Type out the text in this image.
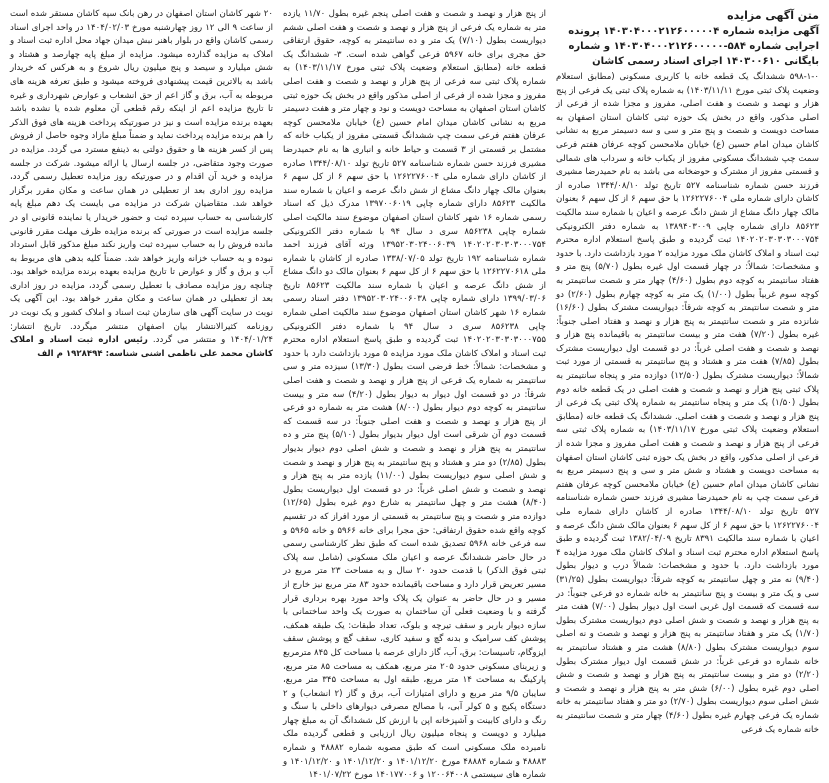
متن آگهی مزایده
آگهی مزایده شماره ۱۴۰۳۰۴۰۰۰۲۱۲۶۰۰۰۰۰۴ پرونده اجرایی شماره ۵۸۴-۱۴۰۳۰۴۰۰۰۲۱۲۶۰۰۰۰۰ و شماره بایگانی ۱۴۰۳۰۰۶۱۰ اجرای اسناد رسمی کاشان

۵۹۸-۱-۰ ششدانگ یک قطعه خانه با کاربری مسکونی (مطابق استعلام وضعیت پلاک ثبتی مورخ ۱۴۰۳/۱۱/۱۱) به شماره پلاک ثبتی یک فرعی از پنج هزار و نهصد و شصت و هفت اصلی، مفروز و مجزا شده از فرعی از اصلی مذکور، واقع در بخش یک حوزه ثبتی کاشان استان اصفهان به مساحت دویست و شصت و پنج متر و سی و سه دسیمتر مربع به نشانی کاشان میدان امام حسین (ع) خیابان ملامحسن کوچه عرفان هفتم فرعی سمت چپ ششدانگ مسکونی مفروز از یکباب خانه و سرداب های شمالی و قسمتی مفروز از مشترک و حوضخانه می باشد به نام حمیدرضا مشیری فرزند حسن شماره شناسنامه ۵۲۷ تاریخ تولد ۱۳۴۴/۰۸/۱۰ صادره از کاشان دارای شماره ملی ۱۲۶۲۲۷۶۰۰۴ با حق سهم ۶ از کل سهم ۶ بعنوان مالک چهار دانگ مشاع از شش دانگ عرصه و اعیان با شماره سند مالکیت ۸۵۶۲۳ دارای شماره چاپی ۱۳۸۹۴۰۳۰۰۹ به شماره دفتر الکترونیکی ۱۴۰۲۰۲۰۳۰۳۰۳۰۰۰۷۵۴ ثبت گردیده و طبق پاسخ استعلام اداره محترم ثبت اسناد و املاک کاشان ملک مورد مزایده ۲ مورد بازداشت دارد. با حدود و مشخصات: شمالاً: در چهار قسمت اول غیره بطول (۵/۷۰) پنج متر و هفتاد سانتیمتر به کوچه دوم بطول (۴/۶۰) چهار متر و شصت سانتیمتر به کوچه سوم غربیاً بطول (۱/۰۰) یک متر به کوچه چهارم بطول (۲/۶۰) دو متر و شصت سانتیمتر به کوچه شرقاً: دیواریست مشترک بطول (۱۶/۶۰) شانزده متر و شصت سانتیمتر به پنج هزار و نهصد و هفتاد اصلی جنوباً: غیره بطول (۷/۲۰) هفت متر و بیست سانتیمتر به باقیمانده پنج هزار و نهصد و شصت و هفت اصلی غرباً: در دو قسمت اول دیواریست مشترک بطول (۷/۸۵) هفت متر و هشتاد و پنج سانتیمتر به قسمتی از مورد ثبت شمالاً: دیواریست مشترک بطول (۱۲/۵۰) دوازده متر و پنجاه سانتیمتر به پلاک ثبتی پنج هزار و نهصد و شصت و هفت اصلی در یک قطعه خانه دوم بطول (۱/۵۰) یک متر و پنجاه سانتیمتر به شماره پلاک ثبتی یک فرعی از پنج هزار و نهصد و شصت و هفت اصلی. ششدانگ یک قطعه خانه (مطابق استعلام وضعیت پلاک ثبتی مورخ ۱۴۰۳/۱۱/۱۷) به شماره پلاک ثبتی سه فرعی از پنج هزار و نهصد و شصت و هفت اصلی مفروز و مجزا شده از فرعی از اصلی مذکور، واقع در بخش یک حوزه ثبتی کاشان استان اصفهان به مساحت دویست و هشتاد و شش متر و سی و پنج دسیمتر مربع به نشانی کاشان میدان امام حسین (ع) خیابان ملامحسن کوچه عرفان هفتم فرعی سمت چپ به نام حمیدرضا مشیری فرزند حسن شماره شناسنامه ۵۲۷ تاریخ تولد ۱۳۴۴/۰۸/۱۰ صادره از کاشان دارای شماره ملی ۱۲۶۲۲۷۶۰۰۴ با حق سهم ۶ از کل سهم ۶ بعنوان مالک شش دانگ عرصه و اعیان با شماره سند مالکیت ۸۳۹۱ تاریخ ۱۳۸۲/۰۴/۰۹ ثبت گردیده و طبق پاسخ استعلام اداره محترم ثبت اسناد و املاک کاشان ملک مورد مزایده ۴ مورد بازداشت دارد. با حدود و مشخصات: شمالاً درب و دیوار بطول (۹/۴۰) نه متر و چهل سانتیمتر به کوچه شرقاً: دیواریست بطول (۳۱/۲۵) سی و یک متر و بیست و پنج سانتیمتر به خانه شماره دو فرعی جنوباً: در سه قسمت که قسمت اول غربی است اول دیوار بطول (۷/۰۰) هفت متر به پنج هزار و نهصد و شصت و شش اصلی دوم دیواریست مشترک بطول (۱/۷۰) یک متر و هفتاد سانتیمتر به پنج هزار و نهصد و شصت و نه اصلی سوم دیواریست مشترک بطول (۸/۸۰) هشت متر و هشتاد سانتیمتر به خانه شماره دو فرعی غرباً: در شش قسمت اول دیوار مشترک بطول (۲/۲۰) دو متر و بیست سانتیمتر به پنج هزار و نهصد و شصت و شش اصلی دوم غیره بطول (۶/۰۰) شش متر به پنج هزار و نهصد و شصت و شش اصلی سوم دیواریست بطول (۲/۷۰) دو متر و هفتاد سانتیمتر به خانه شماره یک فرعی چهارم غیره بطول (۴/۶۰) چهار متر و شصت سانتیمتر به خانه شماره یک فرعی

از پنج هزار و نهصد و شصت و هفت اصلی پنجم غیره بطول ۱۱/۷۰ یازده متر به شماره یک فرعی از پنج هزار و نهصد و شصت و هفت اصلی ششم دیواریست بطول (۷/۱۰) یک متر و ده سانتیمتر به کوچه، حقوق ارتفاقی حق مجری برای خانه ۵۹۶۷ فرعی گواهی شده است. ۳- ششدانگ یک قطعه خانه (مطابق استعلام وضعیت پلاک ثبتی مورخ ۱۴۰۳/۱۱/۱۷) به شماره پلاک ثبتی سه فرعی از پنج هزار و نهصد و شصت و هفت اصلی مفروز و مجزا شده از فرعی از اصلی مذکور واقع در بخش یک حوزه ثبتی کاشان استان اصفهان به مساحت دویست و نود و چهار متر و هفت دسیمتر مربع به نشانی کاشان میدان امام حسین (ع) خیابان ملامحسن کوچه عرفان هفتم فرعی سمت چپ ششدانگ قسمتی مفروز از یکباب خانه که مشتمل بر قسمتی از ۳ قسمت و حیاط خانه و انباری ها به نام حمیدرضا مشیری فرزند حسن شماره شناسنامه ۵۲۷ تاریخ تولد ۱۳۴۴/۰۸/۱۰ صادره از کاشان دارای شماره ملی ۱۲۶۲۲۷۶۰۰۴ با حق سهم ۶ از کل سهم ۶ بعنوان مالک چهار دانگ مشاع از شش دانگ عرصه و اعیان با شماره سند مالکیت ۸۵۶۲۳ دارای شماره چاپی ۱۳۹۷۰۰۶۰۱۹ مدرک ذیل که اسناد رسمی شماره ۱۶ شهر کاشان استان اصفهان موضوع سند مالکیت اصلی شماره چاپی ۸۵۶۲۳۸ سری د سال ۹۴ با شماره دفتر الکترونیکی ۱۴۰۲۰۲۰۳۰۳۰۳۰۰۰۷۵۴ ۱۳۹۵۲۰۳۰۲۴۰۰۶۰۳۹ ورثه آقای فرزند احمد شماره شناسنامه ۱۹۲ تاریخ تولد ۱۳۳۸/۰۷/۰۵ صادره از کاشان با شماره ملی ۱۲۶۲۲۷۰۶۱۸ با حق سهم ۶ از کل سهم ۶ بعنوان مالک دو دانگ مشاع از شش دانگ عرصه و اعیان با شماره سند مالکیت ۸۵۶۲۳ تاریخ ۱۳۹۹/۰۳/۰۶ دارای شماره چاپی ۱۳۹۵۲۰۳۰۲۴۰۰۶۰۳۸ دفتر اسناد رسمی شماره ۱۶ شهر کاشان استان اصفهان موضوع سند مالکیت اصلی شماره چاپی ۸۵۶۲۳۸ سری د سال ۹۴ با شماره دفتر الکترونیکی ۱۴۰۲۰۲۰۳۰۳۰۳۰۰۰۷۵۵ ثبت گردیده و طبق پاسخ استعلام اداره محترم ثبت اسناد و املاک کاشان ملک مورد مزایده ۵ مورد بازداشت دارد با حدود و مشخصات: شمالاً: خط فرضی است بطول (۱۳/۳۰) سیزده متر و سی سانتیمتر به شماره یک فرعی از پنج هزار و نهصد و شصت و هفت اصلی شرقاً: در دو قسمت اول دیوار به دیوار بطول (۴/۲۰) سه متر و بیست سانتیمتر به کوچه دوم دیوار بطول (۸/۰۰) هشت متر به شماره دو فرعی از پنج هزار و نهصد و شصت و هفت اصلی جنوباً: در سه قسمت که قسمت دوم آن شرقی است اول دیوار بدیوار بطول (۵/۱۰) پنج متر و ده سانتیمتر به پنج هزار و نهصد و شصت و شش اصلی دوم دیوار بدیوار بطول (۲/۸۵) دو متر و هشتاد و پنج سانتیمتر به پنج هزار و نهصد و شصت و شش اصلی سوم دیواریست بطول (۱۱/۰۰) یازده متر به پنج هزار و نهصد و شصت و شش اصلی غرباً: در دو قسمت اول دیواریست بطول (۸/۴۰) هشت متر و چهل سانتیمتر به شارع دوم غیره بطول (۱۲/۶۵) دوازده متر و شصت و پنج سانتیمتر به قسمتی از مورد افراز که در تقسیم کوچه واقع شده حقوق ارتفاقی: حق مجرا برای خانه ۵۹۶۶ و خانه ۵۹۶۵ و سه فرعی خانه ۵۹۶۸ تصدیق شده است که طبق نظر کارشناسی رسمی در حال حاضر ششدانگ عرصه و اعیان ملک مسکونی (شامل سه پلاک ثبتی فوق الذکر) با قدمت حدود ۲۰ سال و به مساحت ۲۳ متر مربع در مسیر تعریض قرار دارد و مساحت باقیمانده حدود ۸۳ متر مربع نیز خارج از مسیر و در حال حاضر به عنوان یک پلاک واحد مورد بهره برداری قرار گرفته و با وضعیت فعلی آن ساختمان به صورت یک واحد ساختمانی با سازه دیوار باربر و سقف تیرچه و بلوک، تعداد طبقات: یک طبقه همکف، پوشش کف سرامیک و بدنه گچ و سفید کاری، سقف گچ و پوشش سقف ایزوگام، تاسیسات: برق، آب، گاز دارای عرصه با مساحت کل ۸۴۵ مترمربع و زیربنای مسکونی حدود ۲۰۵ متر مربع، همکف به مساحت ۸۵ متر مربع، پارکینگ به مساحت ۱۴ متر مربع، طبقه اول به مساحت ۳۴۵ متر مربع، سایبان ۹/۵ متر مربع و دارای امتیازات آب، برق و گاز (۲ انشعاب) و ۲ دستگاه پکیج و ۵ کولر آبی، با مصالح مصرفی دیوارهای داخلی با سنگ و رنگ و دارای کابینت و آشپزخانه اپن با ارزش کل ششدانگ آن به مبلغ چهار میلیارد و دویست و پنجاه میلیون ریال ارزیابی و قطعی گردیده ملک نامبرده ملک مسکونی است که طبق مصوبه شماره ۴۸۸۸۲ و شماره ۴۸۸۸۳ و شماره ۴۸۸۸۴ مورخ ۱۴۰۱/۱۲/۲۰ و ۱۴۰۱/۱۲/۲۰ و ۱۴۰۱/۱۲/۲۰ و شماره های سیستمی ۱۲۰۰۶۴۰۰۸ و ۱۴۰۱۷۷۰۰۶ مورخ ۱۴۰۱/۰۷/۲۲

۲۰ شهر کاشان استان اصفهان در رهن بانک سپه کاشان مستقر شده است از ساعت ۹ الی ۱۲ روز چهارشنبه مورخ ۱۴۰۴/۰۲/۰۳ در واحد اجرای اسناد رسمی کاشان واقع در بلوار باهنر نبش میدان جهاد محل اداره ثبت اسناد و املاک به مزایده گذارده میشود. مزایده از مبلغ پایه چهارصد و هشتاد و شش میلیارد و سیصد و پنج میلیون ریال شروع و به هرکس که خریدار باشد به بالاترین قیمت پیشنهادی فروخته میشود و طبق تعرفه هزینه های مربوطه به آب، برق و گاز اعم از حق انشعاب و عوارض شهرداری و غیره تا تاریخ مزایده اعم از اینکه رقم قطعی آن معلوم شده یا نشده باشد بعهده برنده مزایده است و نیز در صورتیکه پرداخت هزینه های فوق الذکر را هم برنده مزایده پرداخت نماید و ضمناً مبلغ مازاد وجوه حاصل از فروش پس از کسر هزینه ها و حقوق دولتی به ذینفع مسترد می گردد. مزایده در صورت وجود متقاضی، در جلسه ارسال یا ارائه میشود. شرکت در جلسه مزایده و خرید آن اقدام و در صورتیکه روز مزایده تعطیل رسمی گردد، مزایده روز اداری بعد از تعطیلی در همان ساعت و مکان مقرر برگزار خواهد شد. متقاضیان شرکت در مزایده می بایست یک دهم مبلغ پایه کارشناسی به حساب سپرده ثبت و حضور خریدار یا نماینده قانونی او در جلسه مزایده است در صورتی که برنده مزایده ظرف مهلت مقرر قانونی مانده فروش را به حساب سپرده ثبت واریز نکند مبلغ مذکور قابل استرداد نبوده و به حساب خزانه واریز خواهد شد. ضمناً کلیه بدهی های مربوط به آب و برق و گاز و عوارض تا تاریخ مزایده بعهده برنده مزایده خواهد بود. چنانچه روز مزایده مصادف با تعطیل رسمی گردد، مزایده در روز اداری بعد از تعطیلی در همان ساعت و مکان مقرر خواهد بود. این آگهی یک نوبت در سایت آگهی های سازمان ثبت اسناد و املاک کشور و یک نوبت در روزنامه کثیرالانتشار بیان اصفهان منتشر میگردد. تاریخ انتشار: ۱۴۰۴/۰۱/۲۴ و منتشر می گردد. رئیس اداره ثبت اسناد و املاک کاشان محمد علی ناظمی اشنی شناسه: ۱۹۲۸۴۹۴ م الف
